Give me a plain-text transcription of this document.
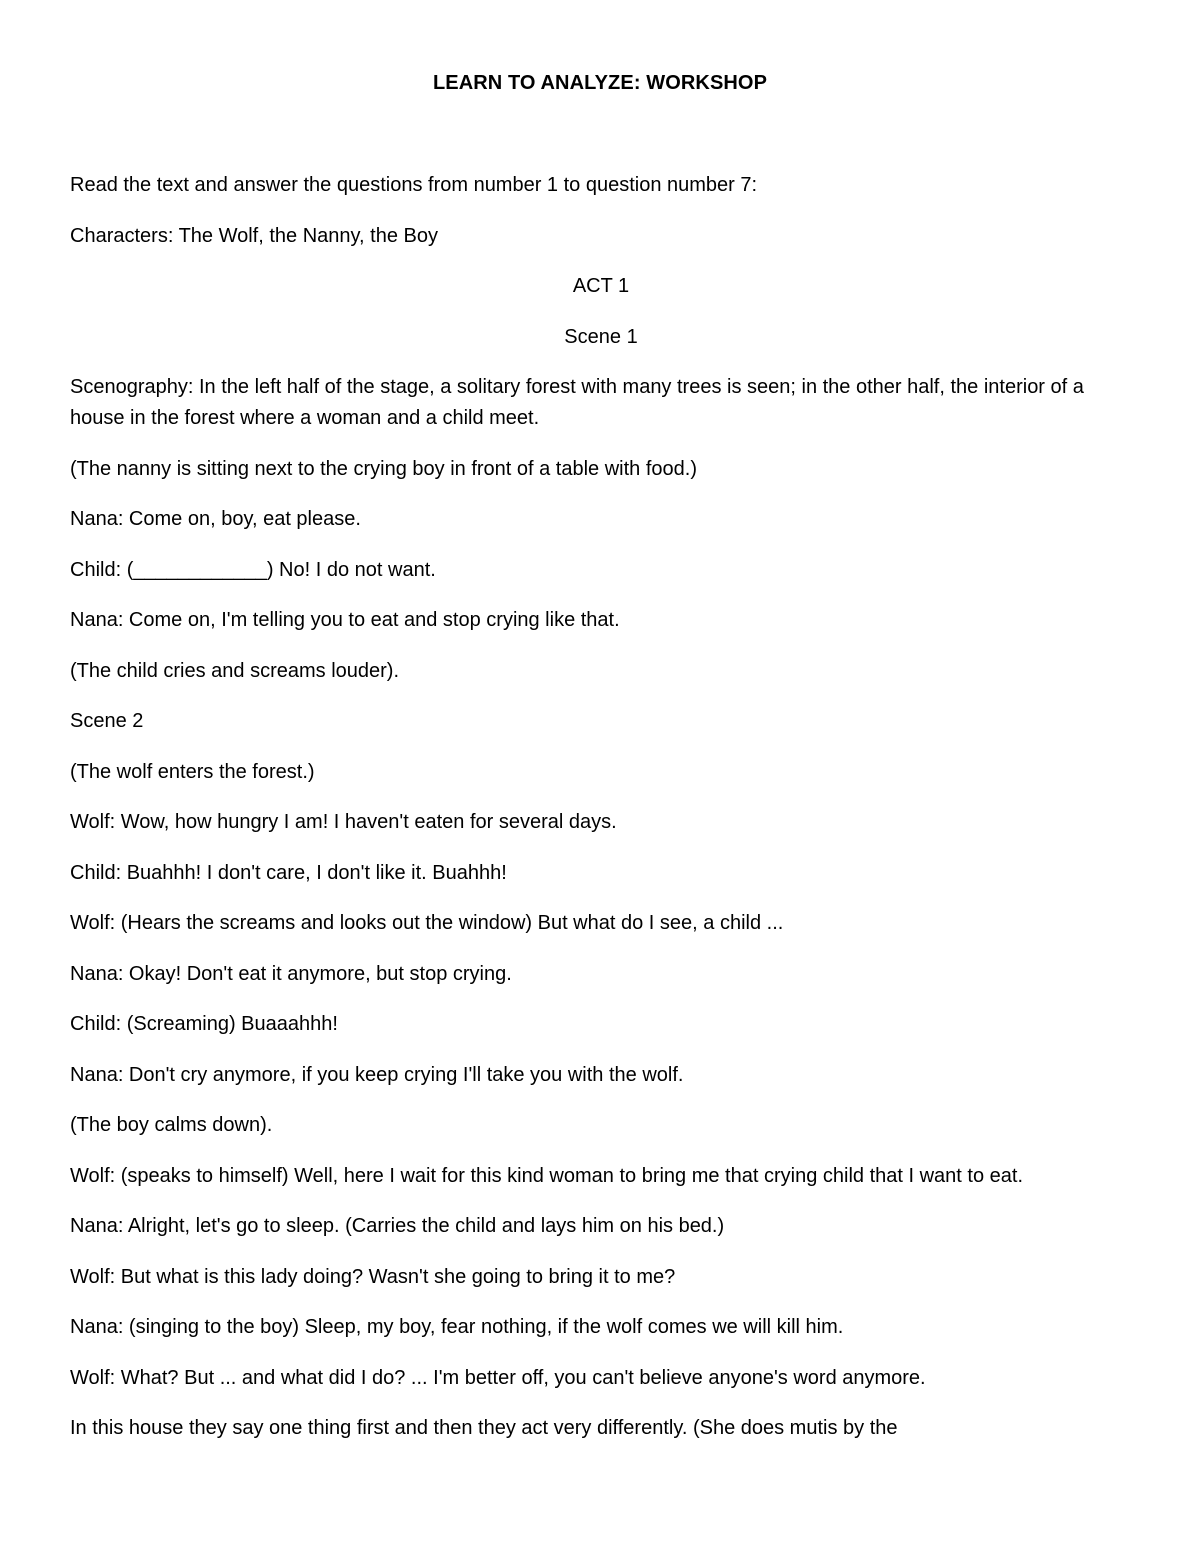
LEARN TO ANALYZE: WORKSHOP

Read the text and answer the questions from number 1 to question number 7:

Characters: The Wolf, the Nanny, the Boy

ACT 1

Scene 1

Scenography: In the left half of the stage, a solitary forest with many trees is seen; in the other half, the interior of a house in the forest where a woman and a child meet.

(The nanny is sitting next to the crying boy in front of a table with food.)

Nana: Come on, boy, eat please.

Child: (____________) No! I do not want.

Nana: Come on, I'm telling you to eat and stop crying like that.

(The child cries and screams louder).

Scene 2

(The wolf enters the forest.)

Wolf: Wow, how hungry I am! I haven't eaten for several days.

Child: Buahhh! I don't care, I don't like it. Buahhh!

Wolf: (Hears the screams and looks out the window) But what do I see, a child ...

Nana: Okay! Don't eat it anymore, but stop crying.

Child: (Screaming) Buaaahhh!

Nana: Don't cry anymore, if you keep crying I'll take you with the wolf.

(The boy calms down).

Wolf: (speaks to himself) Well, here I wait for this kind woman to bring me that crying child that I want to eat.

Nana: Alright, let's go to sleep. (Carries the child and lays him on his bed.)

Wolf: But what is this lady doing? Wasn't she going to bring it to me?

Nana: (singing to the boy) Sleep, my boy, fear nothing, if the wolf comes we will kill him.

Wolf: What? But ... and what did I do? ... I'm better off, you can't believe anyone's word anymore.

In this house they say one thing first and then they act very differently. (She does mutis by the
